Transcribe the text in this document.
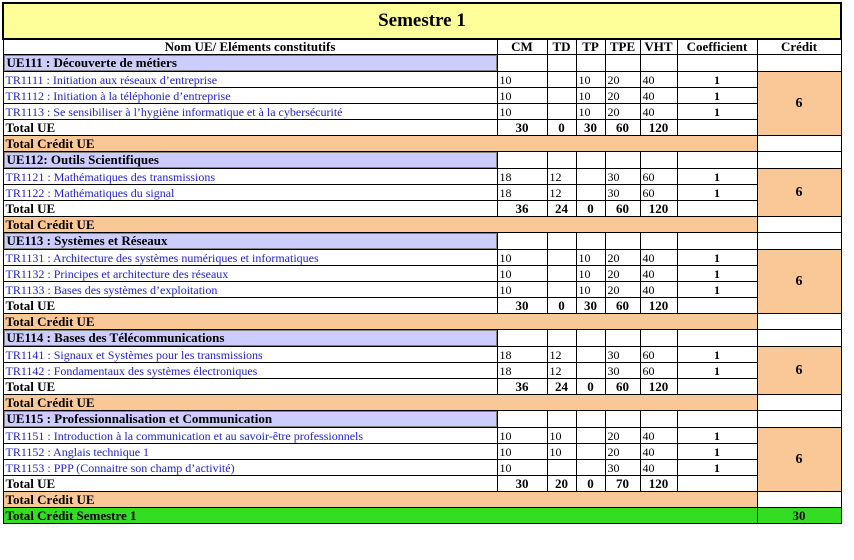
Semestre 1							
Nom UE/ Eléments constitutifs	CM	TD	TP	TPE	VHT	Coefficient	Crédit

UE111 : Découverte de métiers							

TR1111 : Initiation aux réseaux d’entreprise	10		10	20	40	1	6
TR1112 : Initiation à la téléphonie d’entreprise	10		10	20	40	1	
TR1113 : Se sensibiliser à l’hygiène informatique et à la cybersécurité	10		10	20	40	1	
Total UE	30	0	30	60	120		
Total Crédit UE							

UE112: Outils Scientifiques							

TR1121 : Mathématiques des transmissions	18	12		30	60	1	6
TR1122 : Mathématiques du signal	18	12		30	60	1	
Total UE	36	24	0	60	120		
Total Crédit UE							

UE113 : Systèmes et Réseaux							

TR1131 : Architecture des systèmes numériques et informatiques	10		10	20	40	1	6
TR1132 : Principes et architecture des réseaux	10		10	20	40	1	
TR1133 : Bases des systèmes d’exploitation	10		10	20	40	1	
Total UE	30	0	30	60	120		
Total Crédit UE							

UE114 : Bases des Télécommunications							

TR1141 : Signaux et Systèmes pour les transmissions	18	12		30	60	1	6
TR1142 : Fondamentaux des systèmes électroniques	18	12		30	60	1	
Total UE	36	24	0	60	120		
Total Crédit UE							

UE115 : Professionnalisation et Communication							

TR1151 : Introduction à la communication et au savoir-être professionnels	10	10		20	40	1	6
TR1152 : Anglais technique 1	10	10		20	40	1	
TR1153 : PPP (Connaitre son champ d’activité)	10			30	40	1	
Total UE	30	20	0	70	120		
Total Crédit UE							
Total Crédit Semestre 1							30
